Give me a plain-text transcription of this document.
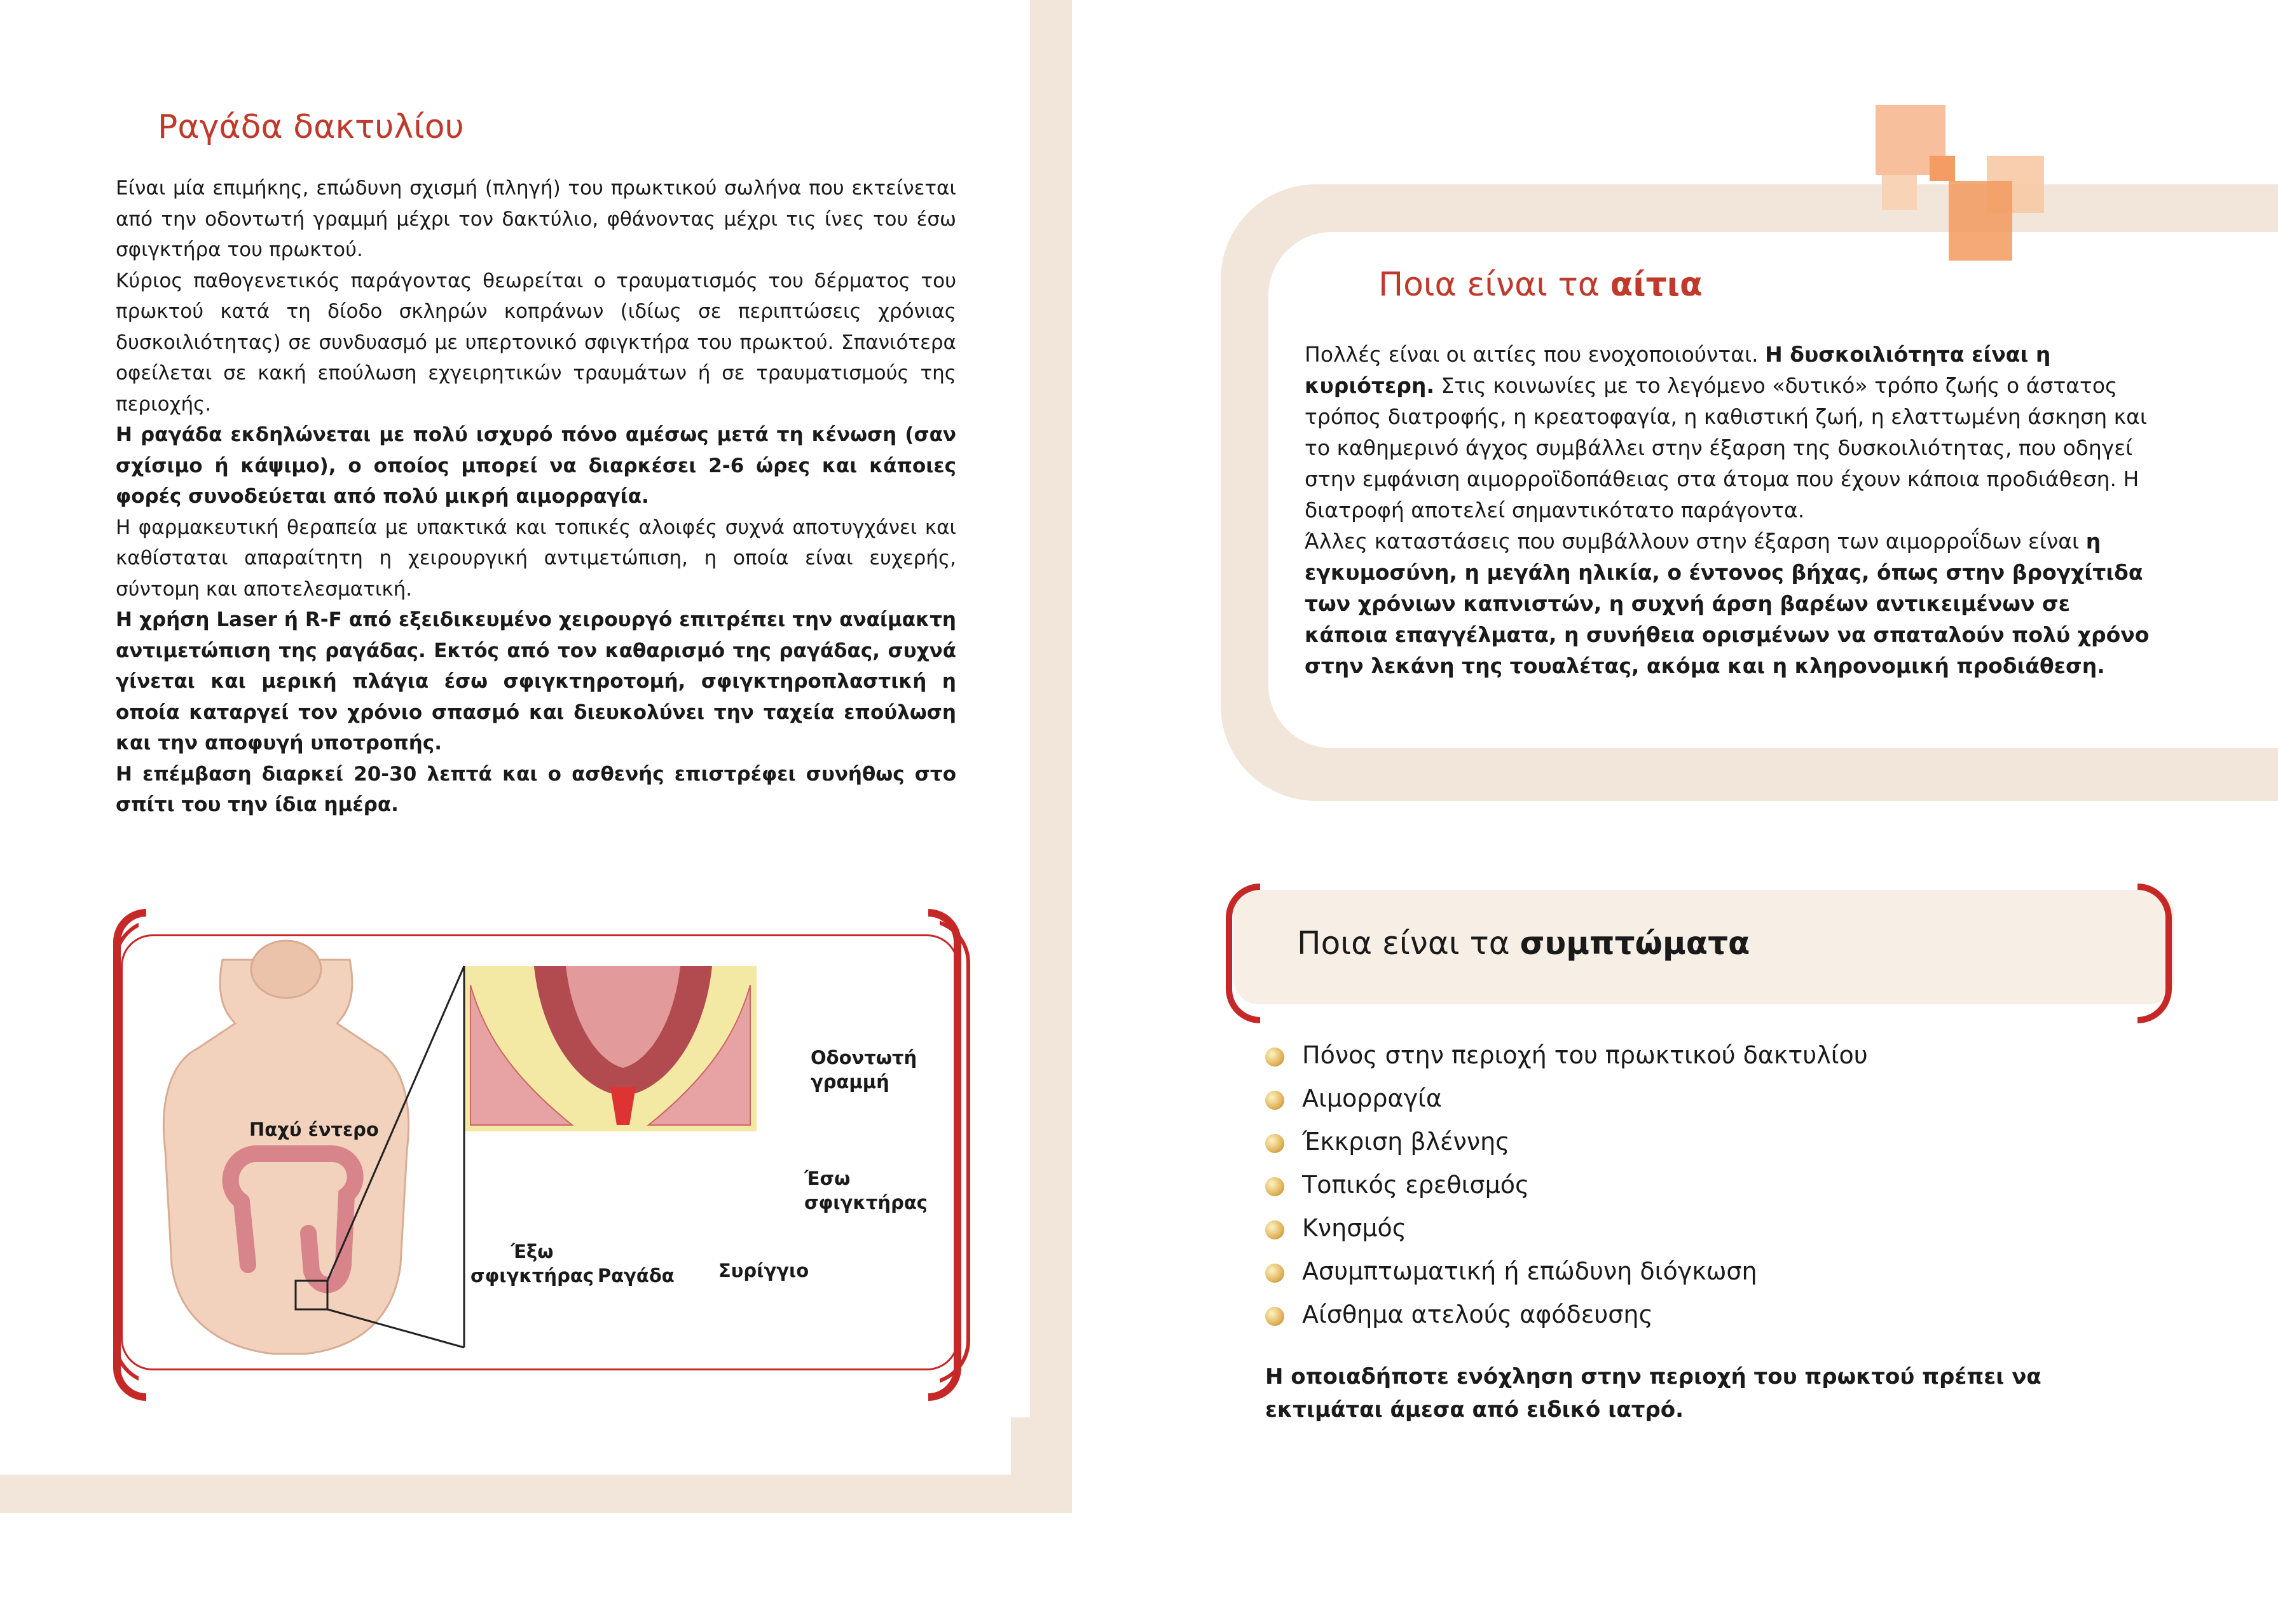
Ραγάδα δακτυλίου

Είναι μία επιμήκης, επώδυνη σχισμή (πληγή) του πρωκτικού σωλήνα που εκτείνεται από την οδοντωτή γραμμή μέχρι τον δακτύλιο, φθάνοντας μέχρι τις ίνες του έσω σφιγκτήρα του πρωκτού.

Κύριος παθογενετικός παράγοντας θεωρείται ο τραυματισμός του δέρματος του πρωκτού κατά τη δίοδο σκληρών κοπράνων (ιδίως σε περιπτώσεις χρόνιας δυσκοιλιότητας) σε συνδυασμό με υπερτονικό σφιγκτήρα του πρωκτού. Σπανιότερα οφείλεται σε κακή επούλωση εχγειρητικών τραυμάτων ή σε τραυματισμούς της περιοχής.

Η ραγάδα εκδηλώνεται με πολύ ισχυρό πόνο αμέσως μετά τη κένωση (σαν σχίσιμο ή κάψιμο), ο οποίος μπορεί να διαρκέσει 2-6 ώρες και κάποιες φορές συνοδεύεται από πολύ μικρή αιμορραγία.

Η φαρμακευτική θεραπεία με υπακτικά και τοπικές αλοιφές συχνά αποτυγχάνει και καθίσταται απαραίτητη η χειρουργική αντιμετώπιση, η οποία είναι ευχερής, σύντομη και αποτελεσματική.

Η χρήση Laser ή R-F από εξειδικευμένο χειρουργό επιτρέπει την αναίμακτη αντιμετώπιση της ραγάδας. Εκτός από τον καθαρισμό της ραγάδας, συχνά γίνεται και μερική πλάγια έσω σφιγκτηροτομή, σφιγκτηροπλαστική η οποία καταργεί τον χρόνιο σπασμό και διευκολύνει την ταχεία επούλωση και την αποφυγή υποτροπής.

Η επέμβαση διαρκεί 20-30 λεπτά και ο ασθενής επιστρέφει συνήθως στο σπίτι του την ίδια ημέρα.

Παχύ έντερο
Οδοντωτή
γραμμή
Έσω
σφιγκτήρας
Έξω
σφιγκτήρας Ραγάδα Συρίγγιο
Ποια είναι τα αίτια

Πολλές είναι οι αιτίες που ενοχοποιούνται. Η δυσκοιλιότητα είναι η κυριότερη. Στις κοινωνίες με το λεγόμενο «δυτικό» τρόπο ζωής ο άστατος τρόπος διατροφής, η κρεατοφαγία, η καθιστική ζωή, η ελαττωμένη άσκηση και το καθημερινό άγχος συμβάλλει στην έξαρση της δυσκοιλιότητας, που οδηγεί στην εμφάνιση αιμορροϊδοπάθειας στα άτομα που έχουν κάποια προδιάθεση. Η διατροφή αποτελεί σημαντικότατο παράγοντα.

Άλλες καταστάσεις που συμβάλλουν στην έξαρση των αιμορροΐδων είναι η εγκυμοσύνη, η μεγάλη ηλικία, ο έντονος βήχας, όπως στην βρογχίτιδα των χρόνιων καπνιστών, η συχνή άρση βαρέων αντικειμένων σε κάποια επαγγέλματα, η συνήθεια ορισμένων να σπαταλούν πολύ χρόνο στην λεκάνη της τουαλέτας, ακόμα και η κληρονομική προδιάθεση.

Ποια είναι τα συμπτώματα
Πόνος στην περιοχή του πρωκτικού δακτυλίου
Αιμορραγία
Έκκριση βλέννης
Τοπικός ερεθισμός
Κνησμός
Ασυμπτωματική ή επώδυνη διόγκωση
Αίσθημα ατελούς αφόδευσης
Η οποιαδήποτε ενόχληση στην περιοχή του πρωκτού πρέπει να εκτιμάται άμεσα από ειδικό ιατρό.
